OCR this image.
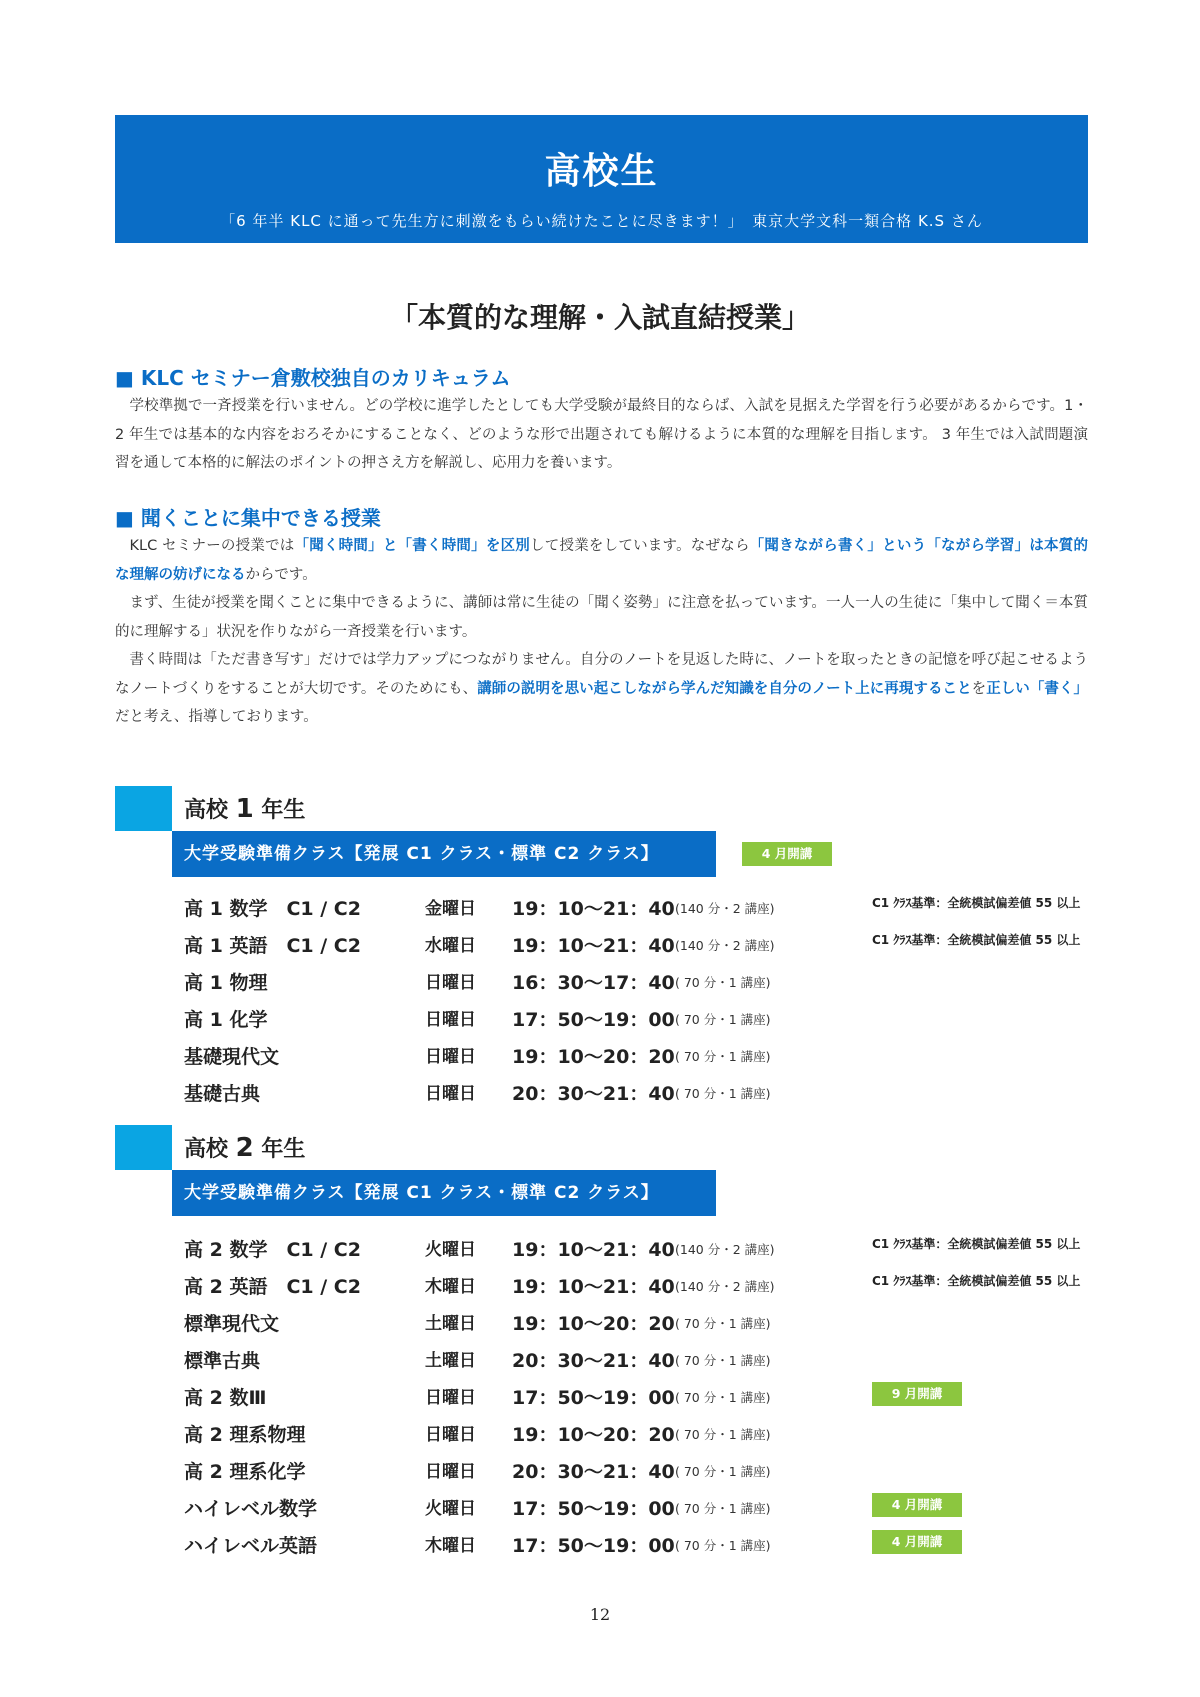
高校生
「6 年半 KLC に通って先生方に刺激をもらい続けたことに尽きます！」　東京大学文科一類合格 K.S さん
「本質的な理解・入試直結授業」
■ KLC セミナー倉敷校独自のカリキュラム

学校準拠で一斉授業を行いません。どの学校に進学したとしても大学受験が最終目的ならば、入試を見据えた学習を行う必要があるからです。1・2 年生では基本的な内容をおろそかにすることなく、どのような形で出題されても解けるように本質的な理解を目指します。 3 年生では入試問題演習を通して本格的に解法のポイントの押さえ方を解説し、応用力を養います。

■ 聞くことに集中できる授業

KLC セミナーの授業では「聞く時間」と「書く時間」を区別して授業をしています。なぜなら「聞きながら書く」という「ながら学習」は本質的な理解の妨げになるからです。

まず、生徒が授業を聞くことに集中できるように、講師は常に生徒の「聞く姿勢」に注意を払っています。一人一人の生徒に「集中して聞く＝本質的に理解する」状況を作りながら一斉授業を行います。

書く時間は「ただ書き写す」だけでは学力アップにつながりません。自分のノートを見返した時に、ノートを取ったときの記憶を呼び起こせるようなノートづくりをすることが大切です。そのためにも、講師の説明を思い起こしながら学んだ知識を自分のノート上に再現することを正しい「書く」だと考え、指導しております。

高校 1 年生
大学受験準備クラス【発展 C1 クラス・標準 C2 クラス】	4 月開講
高 1 数学　C1 / C2	金曜日 19：10〜21：40 (140 分・2 講座)	C1 ｸﾗｽ基準：全統模試偏差値 55 以上
高 1 英語　C1 / C2	水曜日 19：10〜21：40 (140 分・2 講座)	C1 ｸﾗｽ基準：全統模試偏差値 55 以上
高 1 物理	日曜日 16：30〜17：40 ( 70 分・1 講座)
高 1 化学	日曜日 17：50〜19：00 ( 70 分・1 講座)
基礎現代文	日曜日 19：10〜20：20 ( 70 分・1 講座)
基礎古典	日曜日 20：30〜21：40 ( 70 分・1 講座)
高校 2 年生
大学受験準備クラス【発展 C1 クラス・標準 C2 クラス】
高 2 数学　C1 / C2	火曜日 19：10〜21：40 (140 分・2 講座)	C1 ｸﾗｽ基準：全統模試偏差値 55 以上
高 2 英語　C1 / C2	木曜日 19：10〜21：40 (140 分・2 講座)	C1 ｸﾗｽ基準：全統模試偏差値 55 以上
標準現代文	土曜日 19：10〜20：20 ( 70 分・1 講座)
標準古典	土曜日 20：30〜21：40 ( 70 分・1 講座)
高 2 数Ⅲ	日曜日 17：50〜19：00 ( 70 分・1 講座)	9 月開講
高 2 理系物理	日曜日 19：10〜20：20 ( 70 分・1 講座)
高 2 理系化学	日曜日 20：30〜21：40 ( 70 分・1 講座)
ハイレベル数学	火曜日 17：50〜19：00 ( 70 分・1 講座)	4 月開講
ハイレベル英語	木曜日 17：50〜19：00 ( 70 分・1 講座)	4 月開講
12
